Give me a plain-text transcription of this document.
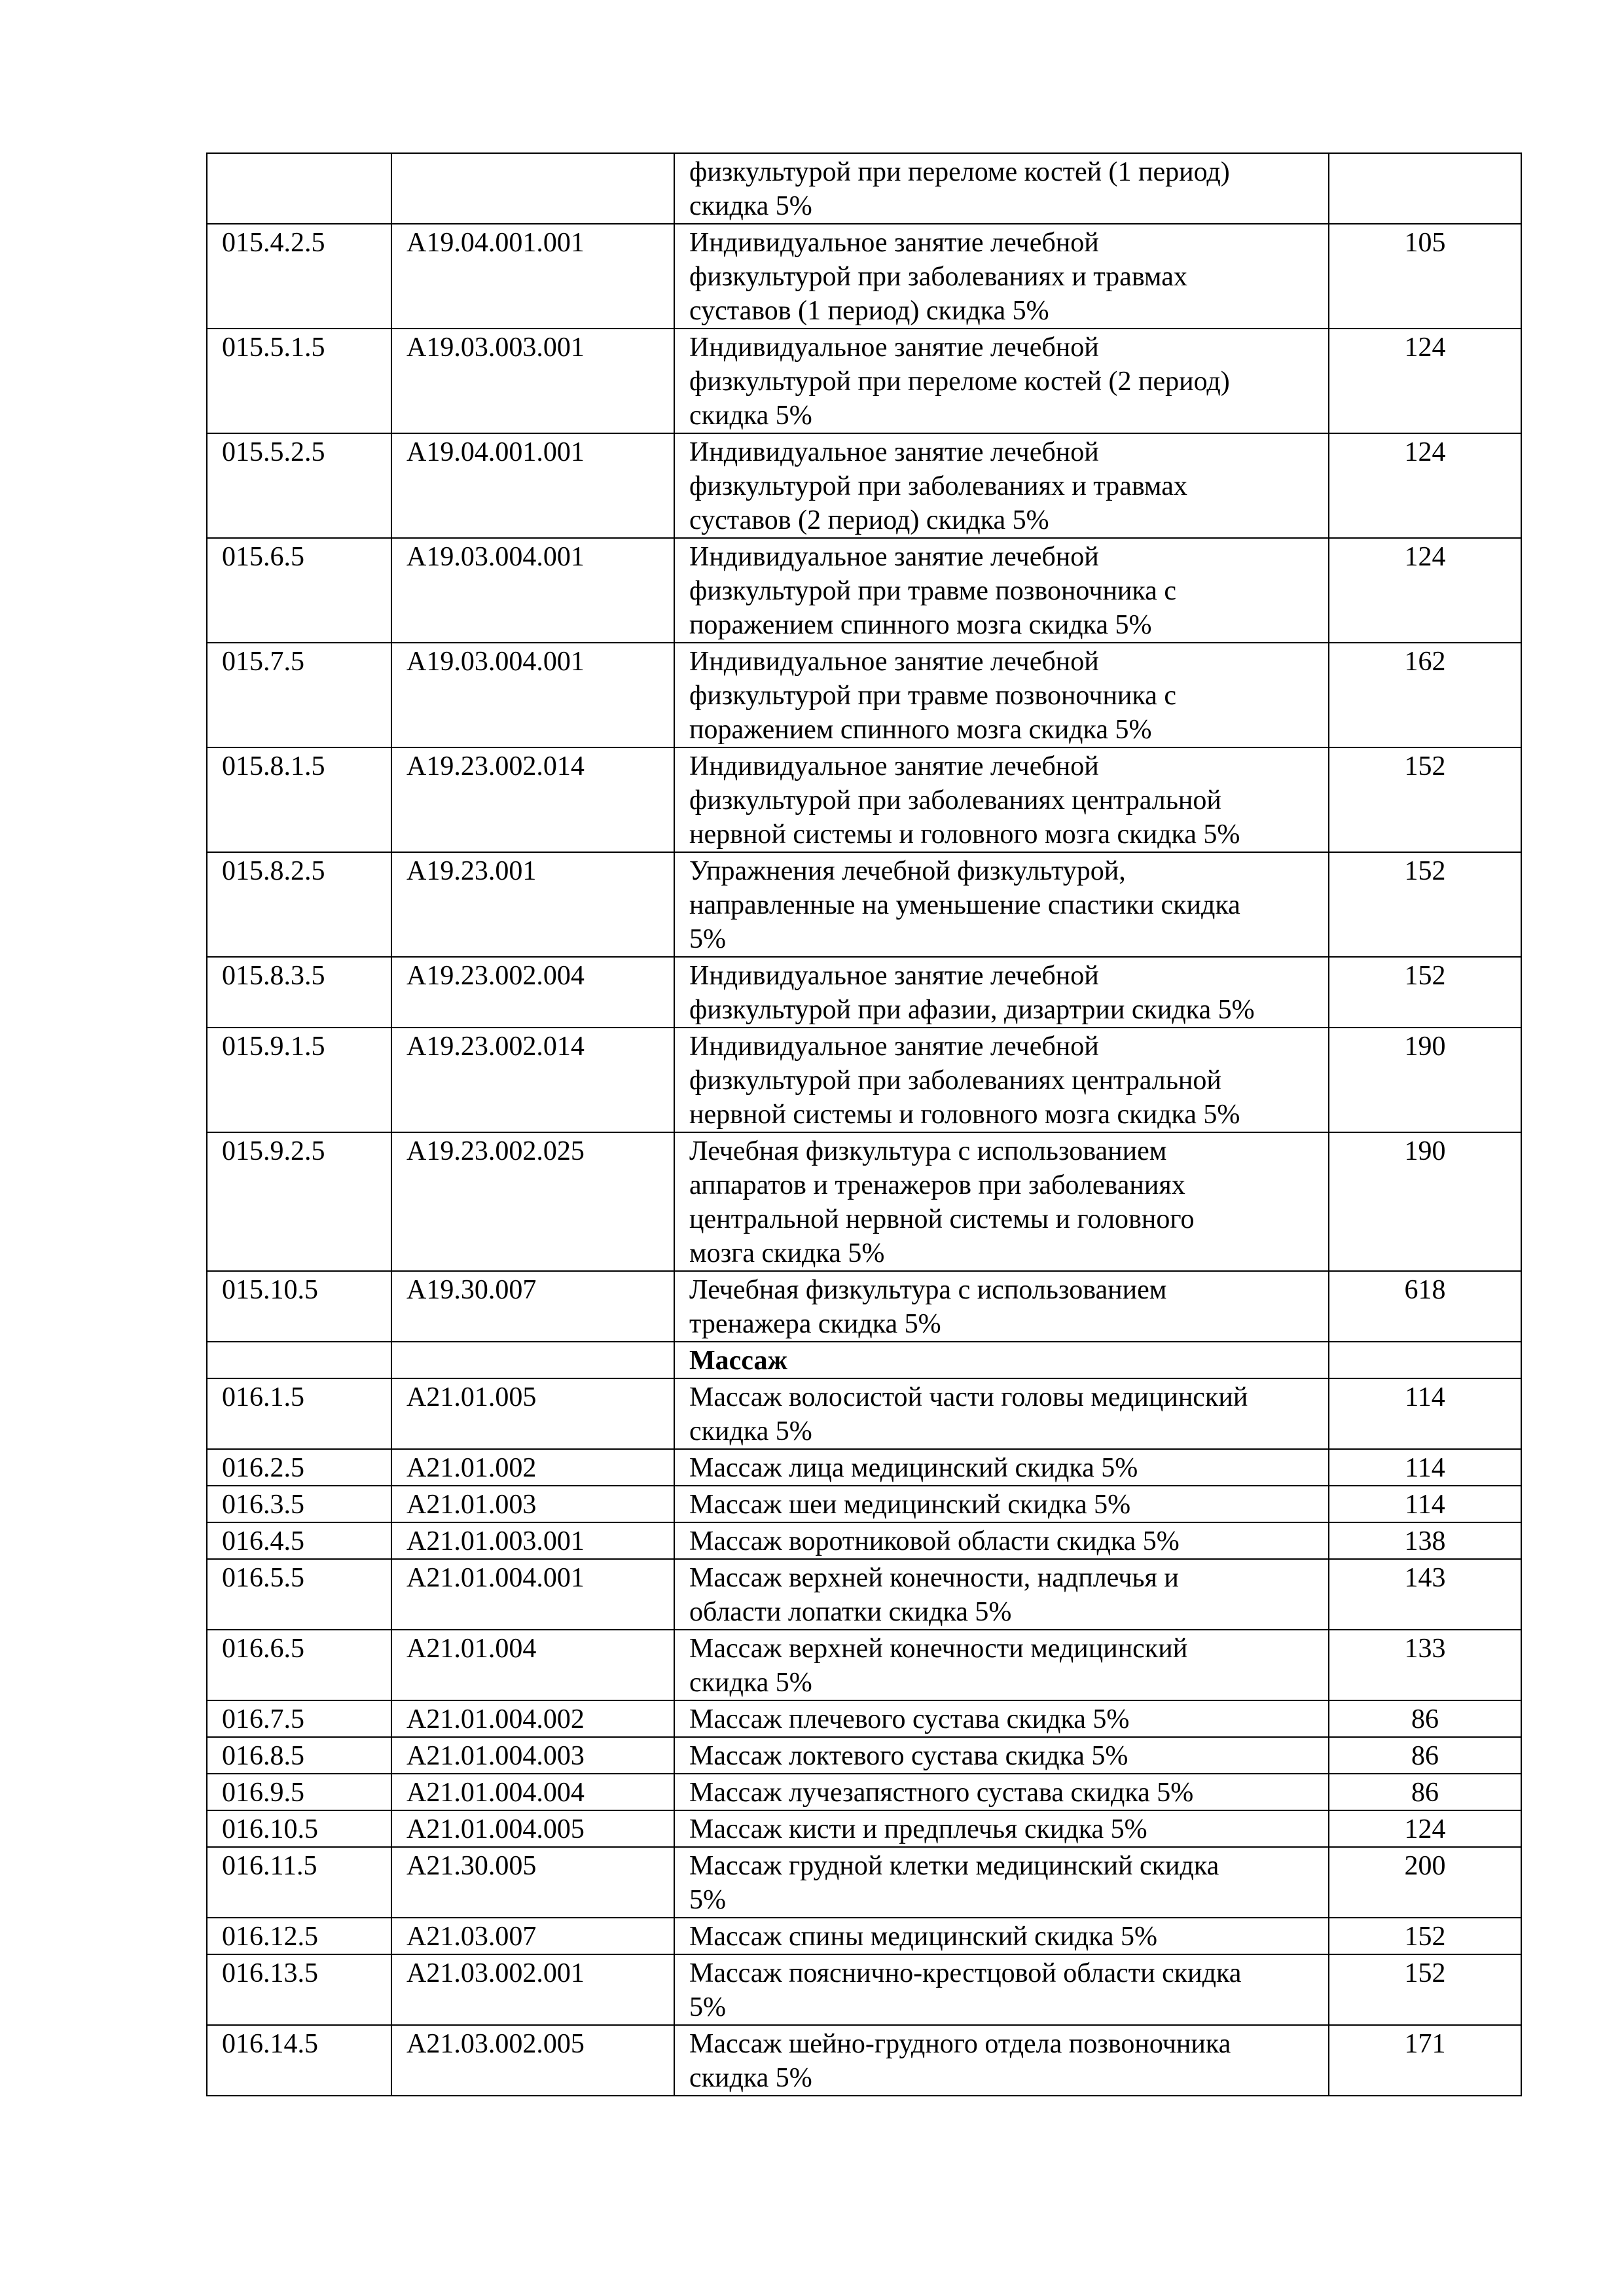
		физкультурой при переломе костей (1 период)
скидка 5%	
015.4.2.5	A19.04.001.001	Индивидуальное занятие лечебной
физкультурой при заболеваниях и травмах
суставов (1 период) скидка 5%	105
015.5.1.5	A19.03.003.001	Индивидуальное занятие лечебной
физкультурой при переломе костей (2 период)
скидка 5%	124
015.5.2.5	A19.04.001.001	Индивидуальное занятие лечебной
физкультурой при заболеваниях и травмах
суставов (2 период) скидка 5%	124
015.6.5	A19.03.004.001	Индивидуальное занятие лечебной
физкультурой при травме позвоночника с
поражением спинного мозга скидка 5%	124
015.7.5	A19.03.004.001	Индивидуальное занятие лечебной
физкультурой при травме позвоночника с
поражением спинного мозга скидка 5%	162
015.8.1.5	A19.23.002.014	Индивидуальное занятие лечебной
физкультурой при заболеваниях центральной
нервной системы и головного мозга скидка 5%	152
015.8.2.5	A19.23.001	Упражнения лечебной физкультурой,
направленные на уменьшение спастики скидка
5%	152
015.8.3.5	A19.23.002.004	Индивидуальное занятие лечебной
физкультурой при афазии, дизартрии скидка 5%	152
015.9.1.5	A19.23.002.014	Индивидуальное занятие лечебной
физкультурой при заболеваниях центральной
нервной системы и головного мозга скидка 5%	190
015.9.2.5	A19.23.002.025	Лечебная физкультура с использованием
аппаратов и тренажеров при заболеваниях
центральной нервной системы и головного
мозга скидка 5%	190
015.10.5	A19.30.007	Лечебная физкультура с использованием
тренажера скидка 5%	618
		Массаж	
016.1.5	A21.01.005	Массаж волосистой части головы медицинский
скидка 5%	114
016.2.5	A21.01.002	Массаж лица медицинский скидка 5%	114
016.3.5	A21.01.003	Массаж шеи медицинский скидка 5%	114
016.4.5	A21.01.003.001	Массаж воротниковой области скидка 5%	138
016.5.5	A21.01.004.001	Массаж верхней конечности, надплечья и
области лопатки скидка 5%	143
016.6.5	A21.01.004	Массаж верхней конечности медицинский
скидка 5%	133
016.7.5	A21.01.004.002	Массаж плечевого сустава скидка 5%	86
016.8.5	A21.01.004.003	Массаж локтевого сустава скидка 5%	86
016.9.5	A21.01.004.004	Массаж лучезапястного сустава скидка 5%	86
016.10.5	A21.01.004.005	Массаж кисти и предплечья скидка 5%	124
016.11.5	A21.30.005	Массаж грудной клетки медицинский скидка
5%	200
016.12.5	A21.03.007	Массаж спины медицинский скидка 5%	152
016.13.5	A21.03.002.001	Массаж пояснично-крестцовой области скидка
5%	152
016.14.5	A21.03.002.005	Массаж шейно-грудного отдела позвоночника
скидка 5%	171
